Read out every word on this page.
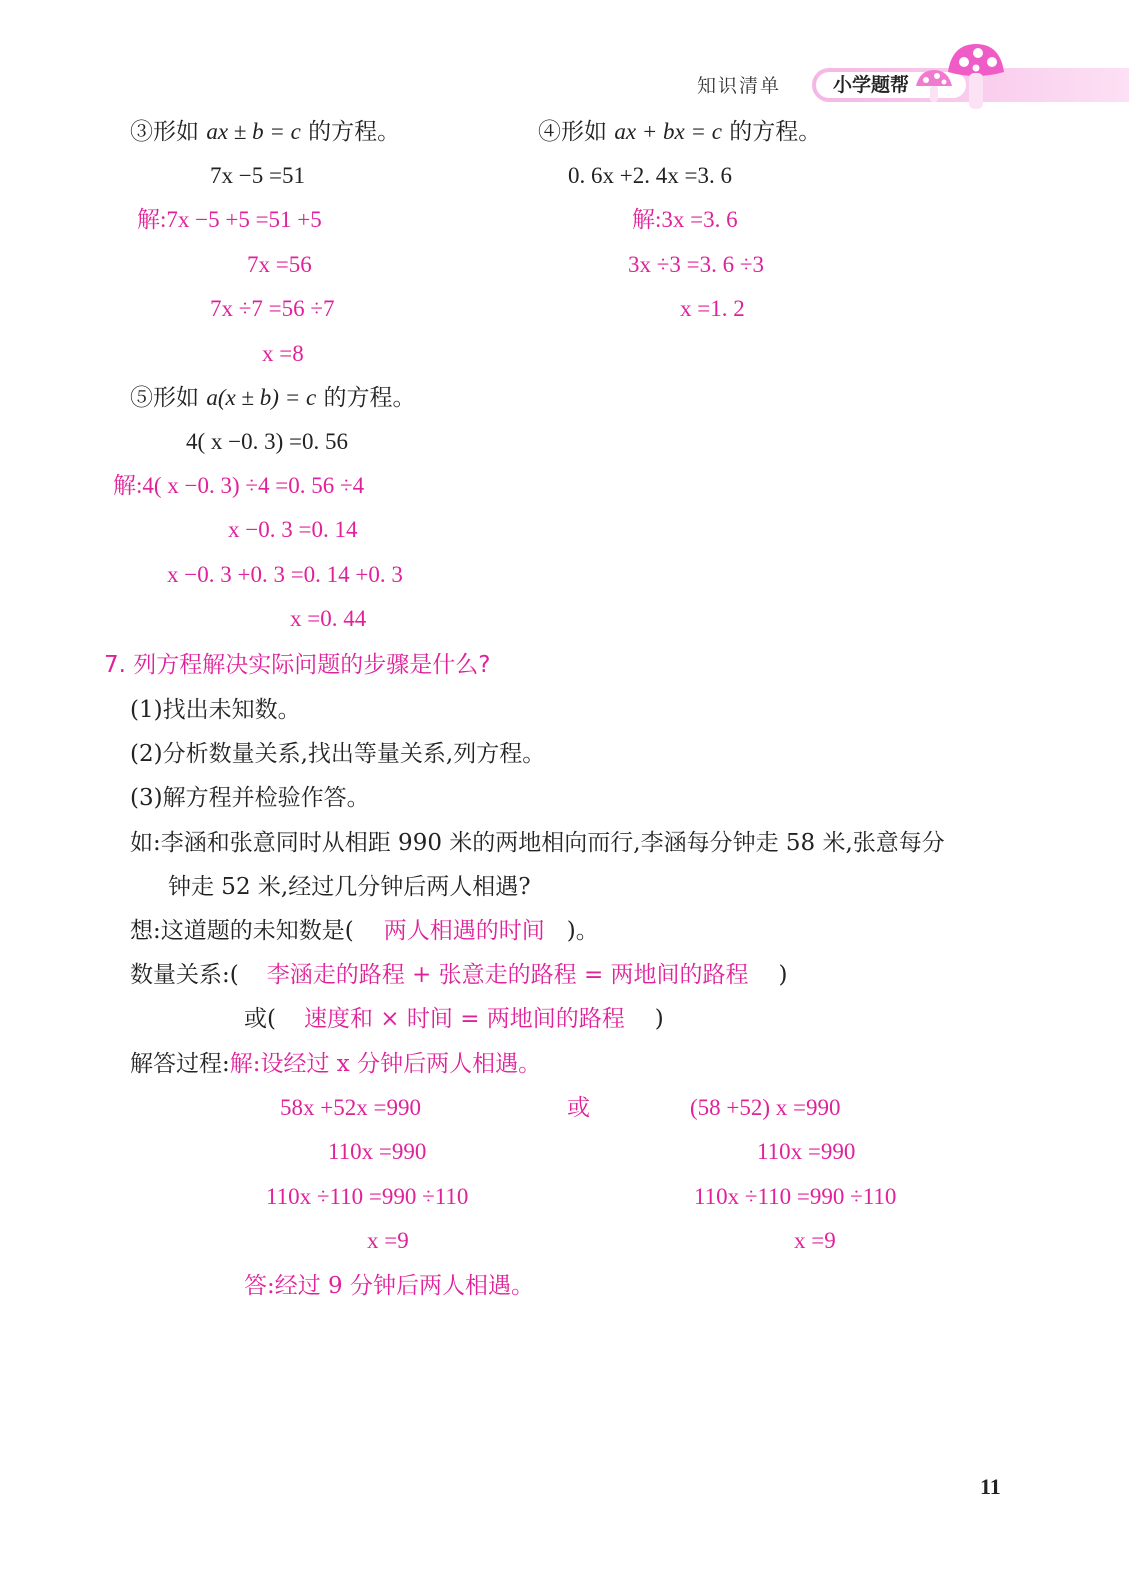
知识清单	小学题帮
③形如 ax ± b = c 的方程。
7x −5 =51
解:7x −5 +5 =51 +5
7x =56
7x ÷7 =56 ÷7
x =8
④形如 ax + bx = c 的方程。
0. 6x +2. 4x =3. 6
解:3x =3. 6
3x ÷3 =3. 6 ÷3
x =1. 2
⑤形如 a(x ± b) = c 的方程。
4( x −0. 3) =0. 56
解:4( x −0. 3) ÷4 =0. 56 ÷4
x −0. 3 =0. 14
x −0. 3 +0. 3 =0. 14 +0. 3
x =0. 44
7. 列方程解决实际问题的步骤是什么?
(1)找出未知数。
(2)分析数量关系,找出等量关系,列方程。
(3)解方程并检验作答。
如:李涵和张意同时从相距 990 米的两地相向而行,李涵每分钟走 58 米,张意每分
钟走 52 米,经过几分钟后两人相遇?
想:这道题的未知数是( 两人相遇的时间 )。
数量关系:( 李涵走的路程 + 张意走的路程 = 两地间的路程 )
或( 速度和 × 时间 = 两地间的路程 )
解答过程:解:设经过 x 分钟后两人相遇。
58x +52x =990	或	(58 +52) x =990
110x =990	110x =990
110x ÷110 =990 ÷110	110x ÷110 =990 ÷110
x =9	x =9
答:经过 9 分钟后两人相遇。
11
